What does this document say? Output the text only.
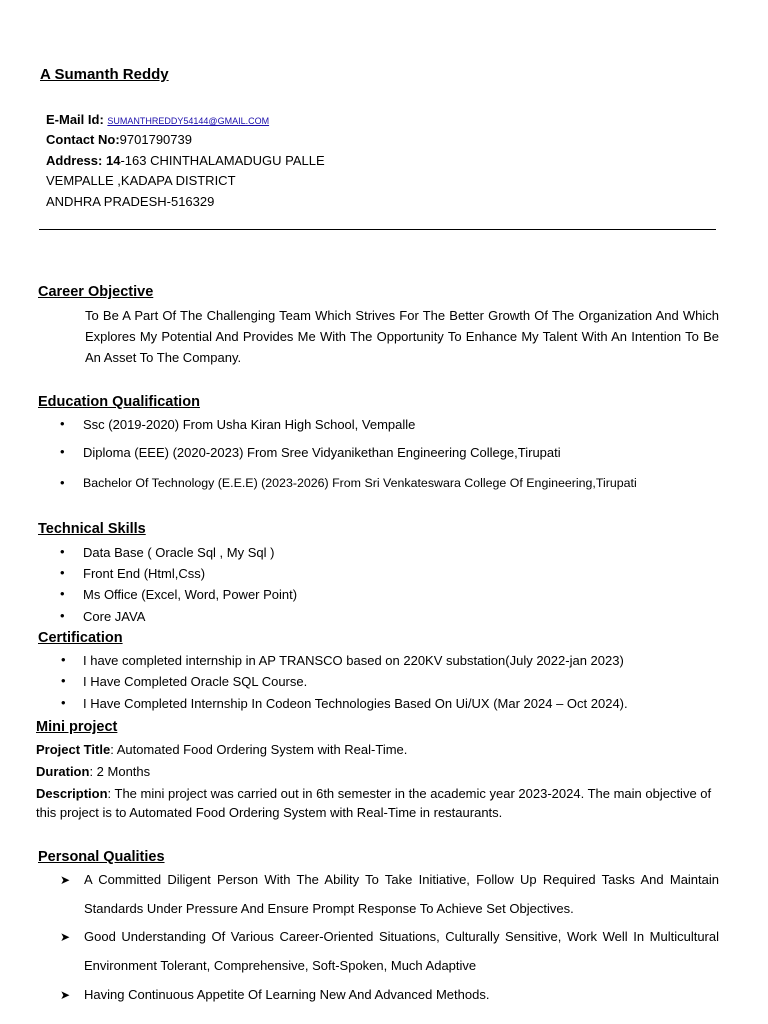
A Sumanth Reddy
E-Mail Id: SUMANTHREDDY54144@GMAIL.COM
Contact No:9701790739
Address: 14-163 CHINTHALAMADUGU PALLE
VEMPALLE ,KADAPA DISTRICT
ANDHRA PRADESH-516329
Career Objective
To Be A Part Of The Challenging Team Which Strives For The Better Growth Of The Organization And Which Explores My Potential And Provides Me With The Opportunity To Enhance My Talent With An Intention To Be An Asset To The Company.
Education Qualification
• Ssc (2019-2020) From Usha Kiran High School, Vempalle
• Diploma (EEE) (2020-2023) From Sree Vidyanikethan Engineering College,Tirupati
• Bachelor Of Technology (E.E.E) (2023-2026) From Sri Venkateswara College Of Engineering,Tirupati
Technical Skills
• Data Base ( Oracle Sql , My Sql )
• Front End (Html,Css)
• Ms Office (Excel, Word, Power Point)
• Core JAVA
Certification
• I have completed internship in AP TRANSCO based on 220KV substation(July 2022-jan 2023)
• I Have Completed Oracle SQL Course.
• I Have Completed Internship In Codeon Technologies Based On Ui/UX (Mar 2024 – Oct 2024).
Mini project
Project Title: Automated Food Ordering System with Real-Time.
Duration: 2 Months
Description: The mini project was carried out in 6th semester in the academic year 2023-2024. The main objective of this project is to Automated Food Ordering System with Real-Time in restaurants.
Personal Qualities
➤ A Committed Diligent Person With The Ability To Take Initiative, Follow Up Required Tasks And Maintain Standards Under Pressure And Ensure Prompt Response To Achieve Set Objectives.
➤ Good Understanding Of Various Career-Oriented Situations, Culturally Sensitive, Work Well In Multicultural Environment Tolerant, Comprehensive, Soft-Spoken, Much Adaptive
➤ Having Continuous Appetite Of Learning New And Advanced Methods.
